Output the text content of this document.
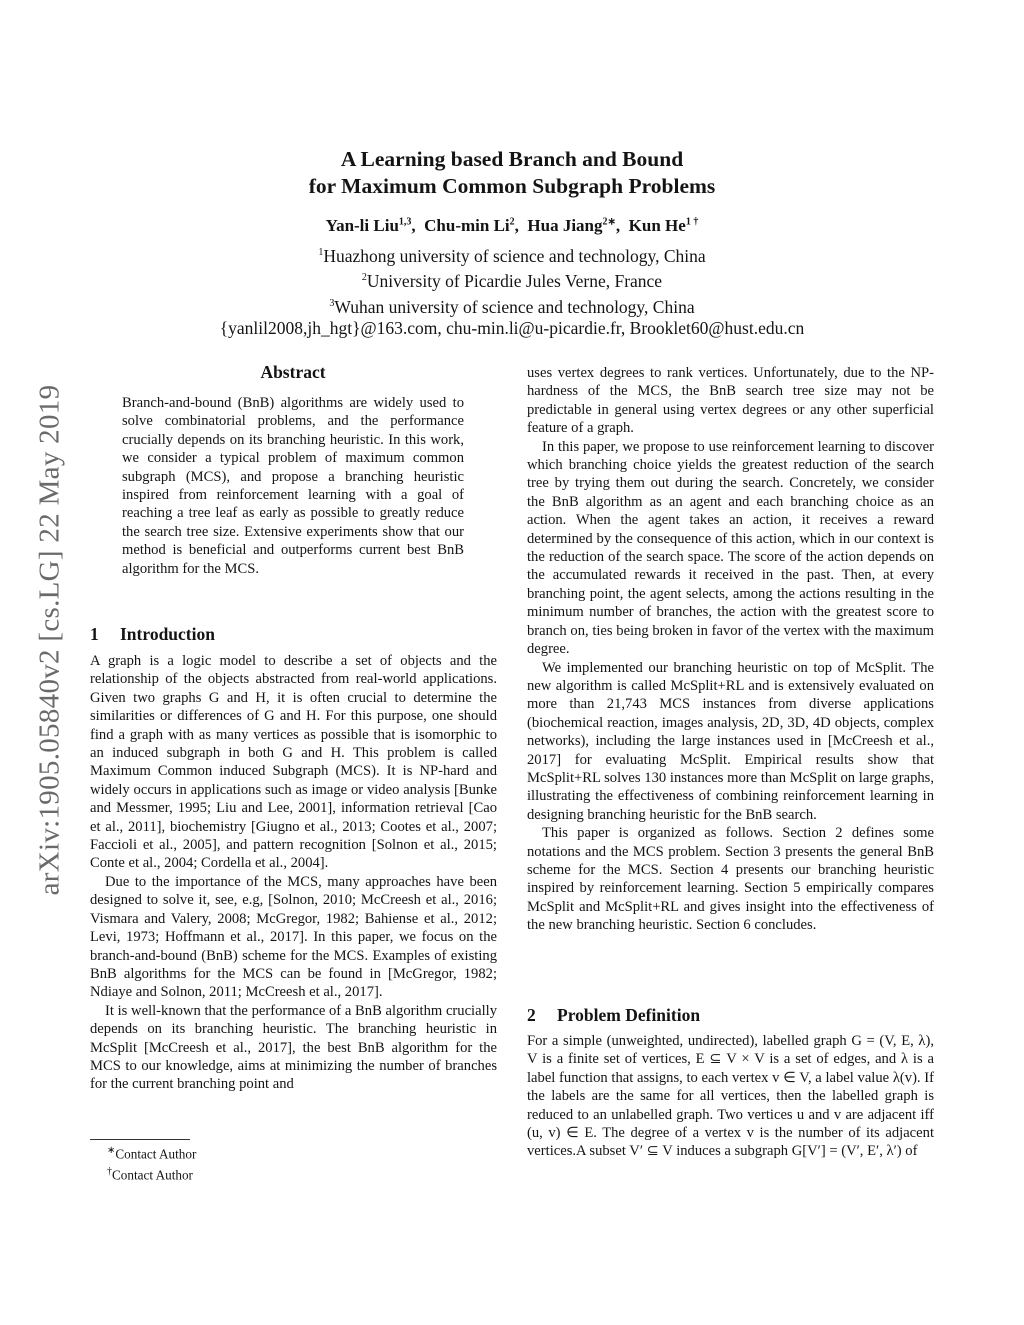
arXiv:1905.05840v2 [cs.LG] 22 May 2019
A Learning based Branch and Bound
for Maximum Common Subgraph Problems
Yan-li Liu$^{1,3}$,  Chu-min Li$^2$,  Hua Jiang$^{2∗}$,  Kun $He^{1 \dagger}$
$^1$Huazhong university of science and technology, China
$^2$University of Picardie Jules Verne, France
$^3$Wuhan university of science and technology, China
{yanlil2008,jh_hgt}@163.com, chu-min.li@u-picardie.fr, Brooklet60@hust.edu.cn
Abstract

Branch-and-bound (BnB) algorithms are widely used to solve combinatorial problems, and the performance crucially depends on its branching heuristic. In this work, we consider a typical problem of maximum common subgraph (MCS), and propose a branching heuristic inspired from reinforcement learning with a goal of reaching a tree leaf as early as possible to greatly reduce the search tree size. Extensive experiments show that our method is beneficial and outperforms current best BnB algorithm for the MCS.

1 Introduction

A graph is a logic model to describe a set of objects and the relationship of the objects abstracted from real-world applications. Given two graphs G and H, it is often crucial to determine the similarities or differences of G and H. For this purpose, one should find a graph with as many vertices as possible that is isomorphic to an induced subgraph in both G and H. This problem is called Maximum Common induced Subgraph (MCS). It is NP-hard and widely occurs in applications such as image or video analysis [Bunke and Messmer, 1995; Liu and Lee, 2001], information retrieval [Cao et al., 2011], biochemistry [Giugno et al., 2013; Cootes et al., 2007; Faccioli et al., 2005], and pattern recognition [Solnon et al., 2015; Conte et al., 2004; Cordella et al., 2004].

Due to the importance of the MCS, many approaches have been designed to solve it, see, e.g, [Solnon, 2010; McCreesh et al., 2016; Vismara and Valery, 2008; McGregor, 1982; Bahiense et al., 2012; Levi, 1973; Hoffmann et al., 2017]. In this paper, we focus on the branch-and-bound (BnB) scheme for the MCS. Examples of existing BnB algorithms for the MCS can be found in [McGregor, 1982; Ndiaye and Solnon, 2011; McCreesh et al., 2017].

It is well-known that the performance of a BnB algorithm crucially depends on its branching heuristic. The branching heuristic in McSplit [McCreesh et al., 2017], the best BnB algorithm for the MCS to our knowledge, aims at minimizing the number of branches for the current branching point and

∗Contact Author
†Contact Author

uses vertex degrees to rank vertices. Unfortunately, due to the NP-hardness of the MCS, the BnB search tree size may not be predictable in general using vertex degrees or any other superficial feature of a graph.

In this paper, we propose to use reinforcement learning to discover which branching choice yields the greatest reduction of the search tree by trying them out during the search. Concretely, we consider the BnB algorithm as an agent and each branching choice as an action. When the agent takes an action, it receives a reward determined by the consequence of this action, which in our context is the reduction of the search space. The score of the action depends on the accumulated rewards it received in the past. Then, at every branching point, the agent selects, among the actions resulting in the minimum number of branches, the action with the greatest score to branch on, ties being broken in favor of the vertex with the maximum degree.

We implemented our branching heuristic on top of McSplit. The new algorithm is called McSplit+RL and is extensively evaluated on more than 21,743 MCS instances from diverse applications (biochemical reaction, images analysis, 2D, 3D, 4D objects, complex networks), including the large instances used in [McCreesh et al., 2017] for evaluating McSplit. Empirical results show that McSplit+RL solves 130 instances more than McSplit on large graphs, illustrating the effectiveness of combining reinforcement learning in designing branching heuristic for the BnB search.

This paper is organized as follows. Section 2 defines some notations and the MCS problem. Section 3 presents the general BnB scheme for the MCS. Section 4 presents our branching heuristic inspired by reinforcement learning. Section 5 empirically compares McSplit and McSplit+RL and gives insight into the effectiveness of the new branching heuristic. Section 6 concludes.

2 Problem Definition

For a simple (unweighted, undirected), labelled graph G = (V, E, λ), V is a finite set of vertices, E ⊆ V × V is a set of edges, and λ is a label function that assigns, to each vertex v ∈ V, a label value λ(v). If the labels are the same for all vertices, then the labelled graph is reduced to an unlabelled graph. Two vertices u and v are adjacent iff (u, v) ∈ E. The degree of a vertex v is the number of its adjacent vertices.A subset V′ ⊆ V induces a subgraph G[V′] = (V′, E′, λ′) of
